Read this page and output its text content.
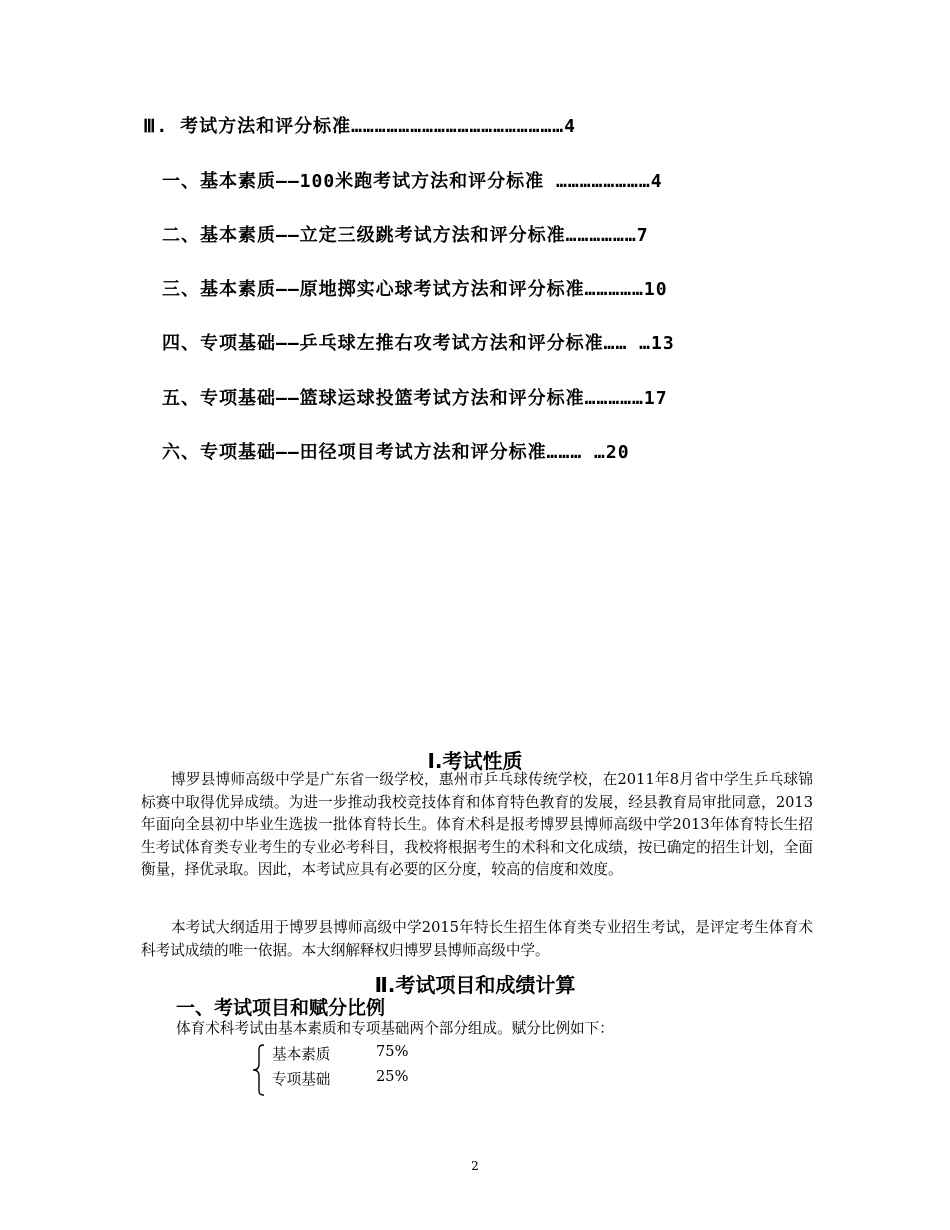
Ⅲ. 考试方法和评分标准………………………………………………4
一、基本素质——100米跑考试方法和评分标准 ……………………4
二、基本素质——立定三级跳考试方法和评分标准………………7
三、基本素质——原地掷实心球考试方法和评分标准……………10
四、专项基础——乒乓球左推右攻考试方法和评分标准…… …13
五、专项基础——篮球运球投篮考试方法和评分标准……………17
六、专项基础——田径项目考试方法和评分标准……… …20
Ⅰ.考试性质
博罗县博师高级中学是广东省一级学校，惠州市乒乓球传统学校，在2011年8月省中学生乒乓球锦标赛中取得优异成绩。为进一步推动我校竞技体育和体育特色教育的发展，经县教育局审批同意，2013年面向全县初中毕业生选拔一批体育特长生。体育术科是报考博罗县博师高级中学2013年体育特长生招生考试体育类专业考生的专业必考科目，我校将根据考生的术科和文化成绩，按已确定的招生计划，全面衡量，择优录取。因此，本考试应具有必要的区分度，较高的信度和效度。
本考试大纲适用于博罗县博师高级中学2015年特长生招生体育类专业招生考试，是评定考生体育术科考试成绩的唯一依据。本大纲解释权归博罗县博师高级中学。
Ⅱ.考试项目和成绩计算
一、考试项目和赋分比例
体育术科考试由基本素质和专项基础两个部分组成。赋分比例如下：
基本素质	75%
专项基础	25%
2
